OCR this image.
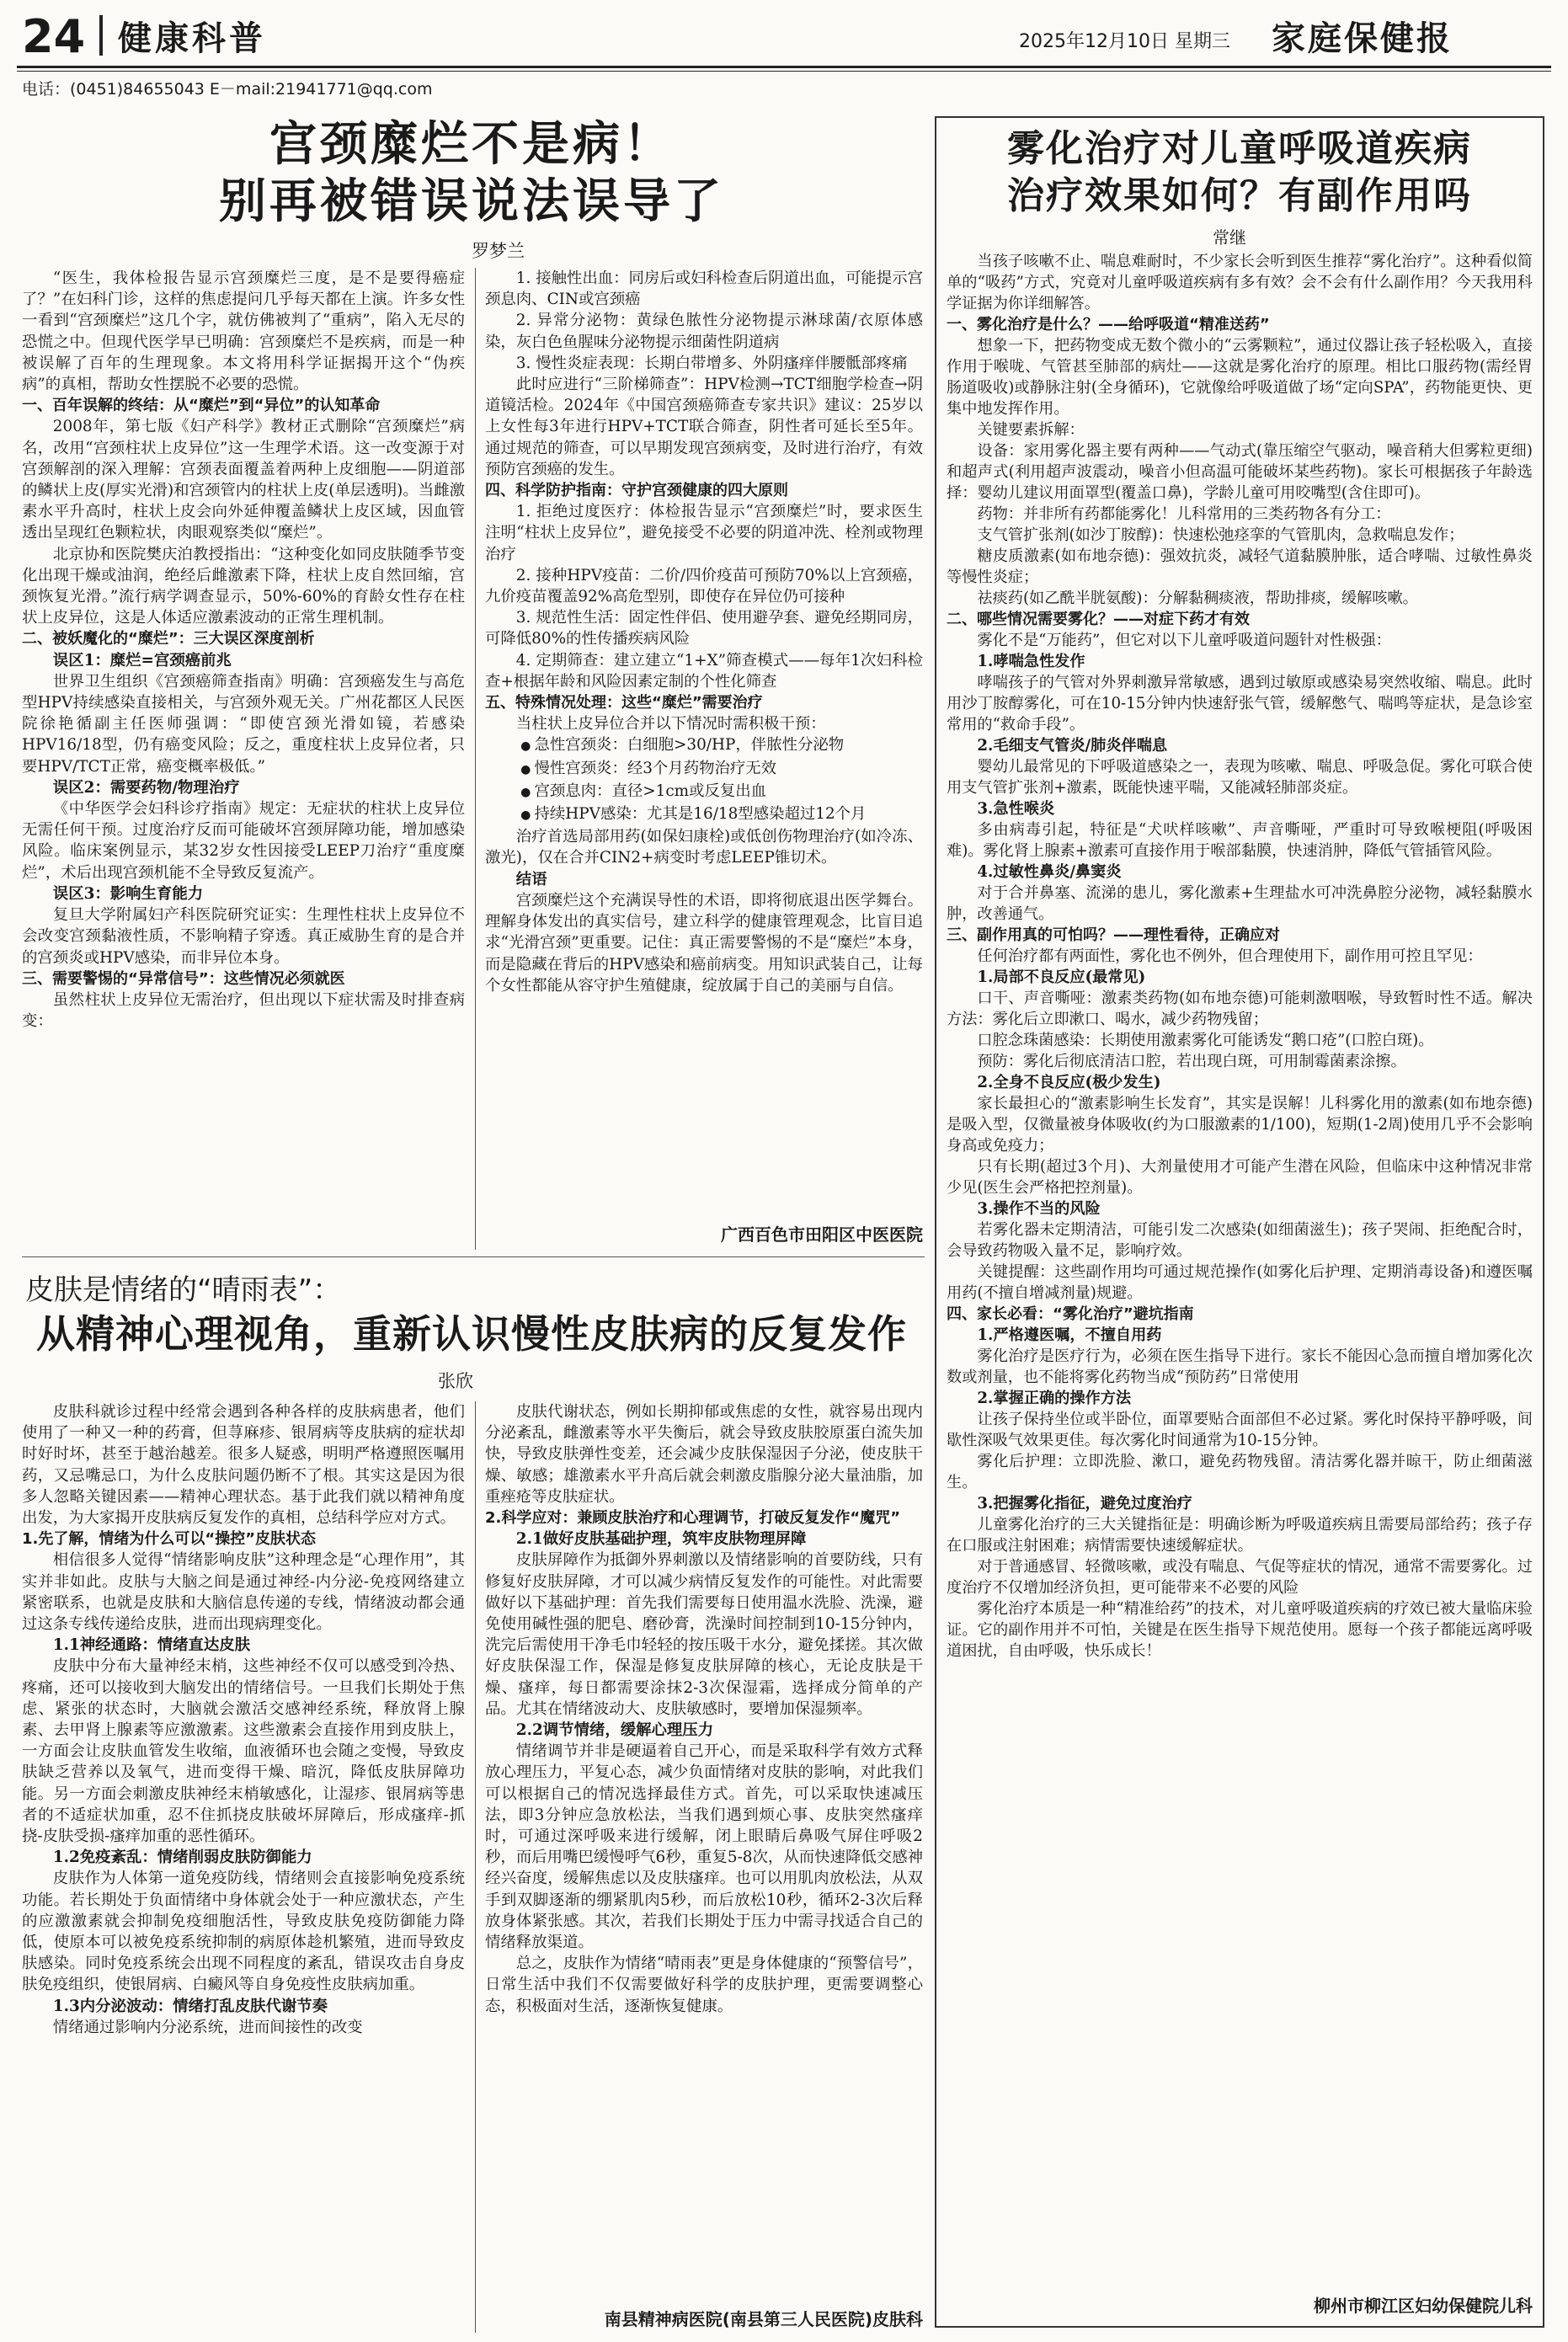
24 健康科普	2025年12月10日 星期三 家庭保健报
电话：(0451)84655043 E－mail:21941771@qq.com
宫颈糜烂不是病！
别再被错误说法误导了
罗梦兰

“医生，我体检报告显示宫颈糜烂三度，是不是要得癌症了？”在妇科门诊，这样的焦虑提问几乎每天都在上演。许多女性一看到“宫颈糜烂”这几个字，就仿佛被判了“重病”，陷入无尽的恐慌之中。但现代医学早已明确：宫颈糜烂不是疾病，而是一种被误解了百年的生理现象。本文将用科学证据揭开这个“伪疾病”的真相，帮助女性摆脱不必要的恐慌。

一、百年误解的终结：从“糜烂”到“异位”的认知革命

2008年，第七版《妇产科学》教材正式删除“宫颈糜烂”病名，改用“宫颈柱状上皮异位”这一生理学术语。这一改变源于对宫颈解剖的深入理解：宫颈表面覆盖着两种上皮细胞——阴道部的鳞状上皮(厚实光滑)和宫颈管内的柱状上皮(单层透明)。当雌激素水平升高时，柱状上皮会向外延伸覆盖鳞状上皮区域，因血管透出呈现红色颗粒状，肉眼观察类似“糜烂”。

北京协和医院樊庆泊教授指出：“这种变化如同皮肤随季节变化出现干燥或油润，绝经后雌激素下降，柱状上皮自然回缩，宫颈恢复光滑。”流行病学调查显示，50%-60%的育龄女性存在柱状上皮异位，这是人体适应激素波动的正常生理机制。

二、被妖魔化的“糜烂”：三大误区深度剖析

误区1：糜烂=宫颈癌前兆

世界卫生组织《宫颈癌筛查指南》明确：宫颈癌发生与高危型HPV持续感染直接相关，与宫颈外观无关。广州花都区人民医院徐艳循副主任医师强调：“即使宫颈光滑如镜，若感染HPV16/18型，仍有癌变风险；反之，重度柱状上皮异位者，只要HPV/TCT正常，癌变概率极低。”

误区2：需要药物/物理治疗

《中华医学会妇科诊疗指南》规定：无症状的柱状上皮异位无需任何干预。过度治疗反而可能破坏宫颈屏障功能，增加感染风险。临床案例显示，某32岁女性因接受LEEP刀治疗“重度糜烂”，术后出现宫颈机能不全导致反复流产。

误区3：影响生育能力

复旦大学附属妇产科医院研究证实：生理性柱状上皮异位不会改变宫颈黏液性质，不影响精子穿透。真正威胁生育的是合并的宫颈炎或HPV感染，而非异位本身。

三、需要警惕的“异常信号”：这些情况必须就医

虽然柱状上皮异位无需治疗，但出现以下症状需及时排查病变：

1. 接触性出血：同房后或妇科检查后阴道出血，可能提示宫颈息肉、CIN或宫颈癌

2. 异常分泌物：黄绿色脓性分泌物提示淋球菌/衣原体感染，灰白色鱼腥味分泌物提示细菌性阴道病

3. 慢性炎症表现：长期白带增多、外阴瘙痒伴腰骶部疼痛

此时应进行“三阶梯筛查”：HPV检测→TCT细胞学检查→阴道镜活检。2024年《中国宫颈癌筛查专家共识》建议：25岁以上女性每3年进行HPV+TCT联合筛查，阴性者可延长至5年。通过规范的筛查，可以早期发现宫颈病变，及时进行治疗，有效预防宫颈癌的发生。

四、科学防护指南：守护宫颈健康的四大原则

1. 拒绝过度医疗：体检报告显示“宫颈糜烂”时，要求医生注明“柱状上皮异位”，避免接受不必要的阴道冲洗、栓剂或物理治疗

2. 接种HPV疫苗：二价/四价疫苗可预防70%以上宫颈癌，九价疫苗覆盖92%高危型别，即使存在异位仍可接种

3. 规范性生活：固定性伴侣、使用避孕套、避免经期同房，可降低80%的性传播疾病风险

4. 定期筛查：建立建立“1+X”筛查模式——每年1次妇科检查+根据年龄和风险因素定制的个性化筛查

五、特殊情况处理：这些“糜烂”需要治疗

当柱状上皮异位合并以下情况时需积极干预：

● 急性宫颈炎：白细胞>30/HP，伴脓性分泌物

● 慢性宫颈炎：经3个月药物治疗无效

● 宫颈息肉：直径>1cm或反复出血

● 持续HPV感染：尤其是16/18型感染超过12个月

治疗首选局部用药(如保妇康栓)或低创伤物理治疗(如冷冻、激光)，仅在合并CIN2+病变时考虑LEEP锥切术。

结语

宫颈糜烂这个充满误导性的术语，即将彻底退出医学舞台。理解身体发出的真实信号，建立科学的健康管理观念，比盲目追求“光滑宫颈”更重要。记住：真正需要警惕的不是“糜烂”本身，而是隐藏在背后的HPV感染和癌前病变。用知识武装自己，让每个女性都能从容守护生殖健康，绽放属于自己的美丽与自信。

广西百色市田阳区中医医院
皮肤是情绪的“晴雨表”：
从精神心理视角，重新认识慢性皮肤病的反复发作
张欣

皮肤科就诊过程中经常会遇到各种各样的皮肤病患者，他们使用了一种又一种的药膏，但荨麻疹、银屑病等皮肤病的症状却时好时坏，甚至于越治越差。很多人疑惑，明明严格遵照医嘱用药，又忌嘴忌口，为什么皮肤问题仍断不了根。其实这是因为很多人忽略关键因素——精神心理状态。基于此我们就以精神角度出发，为大家揭开皮肤病反复发作的真相，总结科学应对方式。

1.先了解，情绪为什么可以“操控”皮肤状态

相信很多人觉得“情绪影响皮肤”这种理念是“心理作用”，其实并非如此。皮肤与大脑之间是通过神经-内分泌-免疫网络建立紧密联系，也就是皮肤和大脑信息传递的专线，情绪波动都会通过这条专线传递给皮肤，进而出现病理变化。

1.1神经通路：情绪直达皮肤

皮肤中分布大量神经末梢，这些神经不仅可以感受到冷热、疼痛，还可以接收到大脑发出的情绪信号。一旦我们长期处于焦虑、紧张的状态时，大脑就会激活交感神经系统，释放肾上腺素、去甲肾上腺素等应激激素。这些激素会直接作用到皮肤上，一方面会让皮肤血管发生收缩，血液循环也会随之变慢，导致皮肤缺乏营养以及氧气，进而变得干燥、暗沉，降低皮肤屏障功能。另一方面会刺激皮肤神经末梢敏感化，让湿疹、银屑病等患者的不适症状加重，忍不住抓挠皮肤破坏屏障后，形成瘙痒-抓挠-皮肤受损-瘙痒加重的恶性循环。

1.2免疫紊乱：情绪削弱皮肤防御能力

皮肤作为人体第一道免疫防线，情绪则会直接影响免疫系统功能。若长期处于负面情绪中身体就会处于一种应激状态，产生的应激激素就会抑制免疫细胞活性，导致皮肤免疫防御能力降低，使原本可以被免疫系统抑制的病原体趁机繁殖，进而导致皮肤感染。同时免疫系统会出现不同程度的紊乱，错误攻击自身皮肤免疫组织，使银屑病、白癜风等自身免疫性皮肤病加重。

1.3内分泌波动：情绪打乱皮肤代谢节奏

情绪通过影响内分泌系统，进而间接性的改变

皮肤代谢状态，例如长期抑郁或焦虑的女性，就容易出现内分泌紊乱，雌激素等水平失衡后，就会导致皮肤胶原蛋白流失加快，导致皮肤弹性变差，还会减少皮肤保湿因子分泌，使皮肤干燥、敏感；雄激素水平升高后就会刺激皮脂腺分泌大量油脂，加重痤疮等皮肤症状。

2.科学应对：兼顾皮肤治疗和心理调节，打破反复发作“魔咒”

2.1做好皮肤基础护理，筑牢皮肤物理屏障

皮肤屏障作为抵御外界刺激以及情绪影响的首要防线，只有修复好皮肤屏障，才可以减少病情反复发作的可能性。对此需要做好以下基础护理：首先我们需要每日使用温水洗脸、洗澡，避免使用碱性强的肥皂、磨砂膏，洗澡时间控制到10-15分钟内，洗完后需使用干净毛巾轻轻的按压吸干水分，避免揉搓。其次做好皮肤保湿工作，保湿是修复皮肤屏障的核心，无论皮肤是干燥、瘙痒，每日都需要涂抹2-3次保湿霜，选择成分简单的产品。尤其在情绪波动大、皮肤敏感时，要增加保湿频率。

2.2调节情绪，缓解心理压力

情绪调节并非是硬逼着自己开心，而是采取科学有效方式释放心理压力，平复心态，减少负面情绪对皮肤的影响，对此我们可以根据自己的情况选择最佳方式。首先，可以采取快速减压法，即3分钟应急放松法，当我们遇到烦心事、皮肤突然瘙痒时，可通过深呼吸来进行缓解，闭上眼睛后鼻吸气屏住呼吸2秒，而后用嘴巴缓慢呼气6秒，重复5-8次，从而快速降低交感神经兴奋度，缓解焦虑以及皮肤瘙痒。也可以用肌肉放松法，从双手到双脚逐渐的绷紧肌肉5秒，而后放松10秒，循环2-3次后释放身体紧张感。其次，若我们长期处于压力中需寻找适合自己的情绪释放渠道。

总之，皮肤作为情绪“晴雨表”更是身体健康的“预警信号”，日常生活中我们不仅需要做好科学的皮肤护理，更需要调整心态，积极面对生活，逐渐恢复健康。

南县精神病医院(南县第三人民医院)皮肤科
雾化治疗对儿童呼吸道疾病
治疗效果如何？有副作用吗
常继

当孩子咳嗽不止、喘息难耐时，不少家长会听到医生推荐“雾化治疗”。这种看似简单的“吸药”方式，究竟对儿童呼吸道疾病有多有效？会不会有什么副作用？今天我用科学证据为你详细解答。

一、雾化治疗是什么？——给呼吸道“精准送药”

想象一下，把药物变成无数个微小的“云雾颗粒”，通过仪器让孩子轻松吸入，直接作用于喉咙、气管甚至肺部的病灶——这就是雾化治疗的原理。相比口服药物(需经胃肠道吸收)或静脉注射(全身循环)，它就像给呼吸道做了场“定向SPA”，药物能更快、更集中地发挥作用。

关键要素拆解：

设备：家用雾化器主要有两种——气动式(靠压缩空气驱动，噪音稍大但雾粒更细)和超声式(利用超声波震动，噪音小但高温可能破坏某些药物)。家长可根据孩子年龄选择：婴幼儿建议用面罩型(覆盖口鼻)，学龄儿童可用咬嘴型(含住即可)。

药物：并非所有药都能雾化！儿科常用的三类药物各有分工：

支气管扩张剂(如沙丁胺醇)：快速松弛痉挛的气管肌肉，急救喘息发作；

糖皮质激素(如布地奈德)：强效抗炎，减轻气道黏膜肿胀，适合哮喘、过敏性鼻炎等慢性炎症；

祛痰药(如乙酰半胱氨酸)：分解黏稠痰液，帮助排痰，缓解咳嗽。

二、哪些情况需要雾化？——对症下药才有效

雾化不是“万能药”，但它对以下儿童呼吸道问题针对性极强：

1.哮喘急性发作

哮喘孩子的气管对外界刺激异常敏感，遇到过敏原或感染易突然收缩、喘息。此时用沙丁胺醇雾化，可在10-15分钟内快速舒张气管，缓解憋气、喘鸣等症状，是急诊室常用的“救命手段”。

2.毛细支气管炎/肺炎伴喘息

婴幼儿最常见的下呼吸道感染之一，表现为咳嗽、喘息、呼吸急促。雾化可联合使用支气管扩张剂+激素，既能快速平喘，又能减轻肺部炎症。

3.急性喉炎

多由病毒引起，特征是“犬吠样咳嗽”、声音嘶哑，严重时可导致喉梗阻(呼吸困难)。雾化肾上腺素+激素可直接作用于喉部黏膜，快速消肿，降低气管插管风险。

4.过敏性鼻炎/鼻窦炎

对于合并鼻塞、流涕的患儿，雾化激素+生理盐水可冲洗鼻腔分泌物，减轻黏膜水肿，改善通气。

三、副作用真的可怕吗？——理性看待，正确应对

任何治疗都有两面性，雾化也不例外，但合理使用下，副作用可控且罕见：

1.局部不良反应(最常见)

口干、声音嘶哑：激素类药物(如布地奈德)可能刺激咽喉，导致暂时性不适。解决方法：雾化后立即漱口、喝水，减少药物残留；

口腔念珠菌感染：长期使用激素雾化可能诱发“鹅口疮”(口腔白斑)。

预防：雾化后彻底清洁口腔，若出现白斑，可用制霉菌素涂擦。

2.全身不良反应(极少发生)

家长最担心的“激素影响生长发育”，其实是误解！儿科雾化用的激素(如布地奈德)是吸入型，仅微量被身体吸收(约为口服激素的1/100)，短期(1-2周)使用几乎不会影响身高或免疫力；

只有长期(超过3个月)、大剂量使用才可能产生潜在风险，但临床中这种情况非常少见(医生会严格把控剂量)。

3.操作不当的风险

若雾化器未定期清洁，可能引发二次感染(如细菌滋生)；孩子哭闹、拒绝配合时，会导致药物吸入量不足，影响疗效。

关键提醒：这些副作用均可通过规范操作(如雾化后护理、定期消毒设备)和遵医嘱用药(不擅自增减剂量)规避。

四、家长必看：“雾化治疗”避坑指南

1.严格遵医嘱，不擅自用药

雾化治疗是医疗行为，必须在医生指导下进行。家长不能因心急而擅自增加雾化次数或剂量，也不能将雾化药物当成“预防药”日常使用

2.掌握正确的操作方法

让孩子保持坐位或半卧位，面罩要贴合面部但不必过紧。雾化时保持平静呼吸，间歇性深吸气效果更佳。每次雾化时间通常为10-15分钟。

雾化后护理：立即洗脸、漱口，避免药物残留。清洁雾化器并晾干，防止细菌滋生。

3.把握雾化指征，避免过度治疗

儿童雾化治疗的三大关键指征是：明确诊断为呼吸道疾病且需要局部给药；孩子存在口服或注射困难；病情需要快速缓解症状。

对于普通感冒、轻微咳嗽，或没有喘息、气促等症状的情况，通常不需要雾化。过度治疗不仅增加经济负担，更可能带来不必要的风险

雾化治疗本质是一种“精准给药”的技术，对儿童呼吸道疾病的疗效已被大量临床验证。它的副作用并不可怕，关键是在医生指导下规范使用。愿每一个孩子都能远离呼吸道困扰，自由呼吸，快乐成长！

柳州市柳江区妇幼保健院儿科
